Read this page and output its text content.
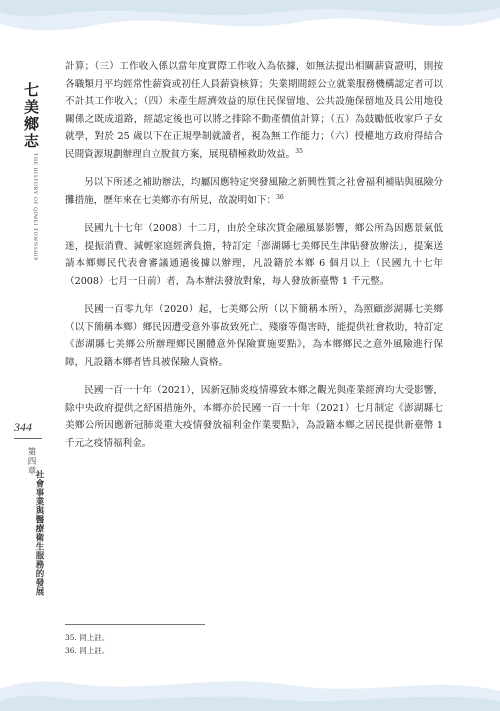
七美鄉志
THE HISTORY OF QIMEI TOWNSHIP
344
第四章
社會事業與醫療衛生服務的發展

計算；（三）工作收入係以當年度實際工作收入為依據，如無法提出相關薪資證明，則按各職類月平均經常性薪資或初任人員薪資核算；失業期間經公立就業服務機構認定者可以不計其工作收入；（四）未產生經濟效益的原住民保留地、公共設施保留地及具公用地役關係之既成道路，經認定後也可以將之排除不動產價值計算；（五）為鼓勵低收家戶子女就學，對於 25 歲以下在正規學制就讀者，視為無工作能力；（六）授權地方政府得結合民間資源規劃辦理自立脫貧方案，展現積極救助效益。$^{35}$

另以下所述之補助辦法，均屬因應特定突發風險之新興性質之社會福利補貼與風險分攤措施，歷年來在七美鄉亦有所見，故說明如下：$^{36}$

民國九十七年（2008）十二月，由於全球次貸金融風暴影響，鄉公所為因應景氣低迷，提振消費、減輕家庭經濟負擔，特訂定「澎湖縣七美鄉民生津貼發放辦法」，提案送請本鄉鄉民代表會審議通過後據以辦理，凡設籍於本鄉 6 個月以上（民國九十七年（2008）七月一日前）者，為本辦法發放對象，每人發放新臺幣 1 千元整。

民國一百零九年（2020）起，七美鄉公所（以下簡稱本所），為照顧澎湖縣七美鄉（以下簡稱本鄉）鄉民因遭受意外事故致死亡、殘廢等傷害時，能提供社會救助，特訂定《澎湖縣七美鄉公所辦理鄉民團體意外保險實施要點》，為本鄉鄉民之意外風險進行保障，凡設籍本鄉者皆具被保險人資格。

民國一百一十年（2021），因新冠肺炎疫情導致本鄉之觀光與產業經濟均大受影響，除中央政府提供之紓困措施外，本鄉亦於民國一百一十年（2021）七月制定《澎湖縣七美鄉公所因應新冠肺炎重大疫情發放福利金作業要點》，為設籍本鄉之居民提供新臺幣 1 千元之疫情福利金。

35. 同上註。
36. 同上註。
